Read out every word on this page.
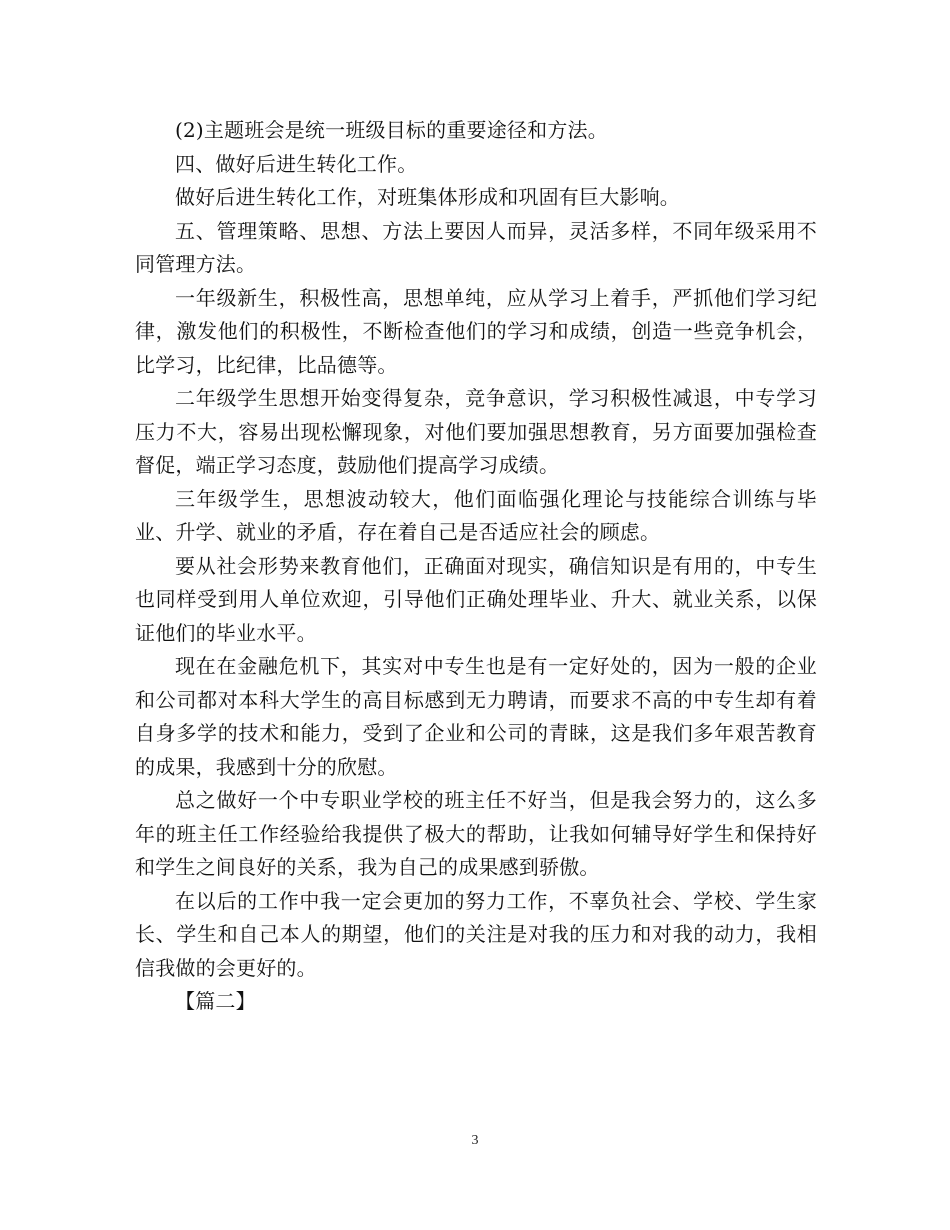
(2)主题班会是统一班级目标的重要途径和方法。

四、做好后进生转化工作。

做好后进生转化工作，对班集体形成和巩固有巨大影响。

五、管理策略、思想、方法上要因人而异，灵活多样，不同年级采用不同管理方法。

一年级新生，积极性高，思想单纯，应从学习上着手，严抓他们学习纪律，激发他们的积极性，不断检查他们的学习和成绩，创造一些竞争机会，比学习，比纪律，比品德等。

二年级学生思想开始变得复杂，竞争意识，学习积极性减退，中专学习压力不大，容易出现松懈现象，对他们要加强思想教育，另方面要加强检查督促，端正学习态度，鼓励他们提高学习成绩。

三年级学生，思想波动较大，他们面临强化理论与技能综合训练与毕业、升学、就业的矛盾，存在着自己是否适应社会的顾虑。

要从社会形势来教育他们，正确面对现实，确信知识是有用的，中专生也同样受到用人单位欢迎，引导他们正确处理毕业、升大、就业关系，以保证他们的毕业水平。

现在在金融危机下，其实对中专生也是有一定好处的，因为一般的企业和公司都对本科大学生的高目标感到无力聘请，而要求不高的中专生却有着自身多学的技术和能力，受到了企业和公司的青睐，这是我们多年艰苦教育的成果，我感到十分的欣慰。

总之做好一个中专职业学校的班主任不好当，但是我会努力的，这么多年的班主任工作经验给我提供了极大的帮助，让我如何辅导好学生和保持好和学生之间良好的关系，我为自己的成果感到骄傲。

在以后的工作中我一定会更加的努力工作，不辜负社会、学校、学生家长、学生和自己本人的期望，他们的关注是对我的压力和对我的动力，我相信我做的会更好的。

【篇二】

3
